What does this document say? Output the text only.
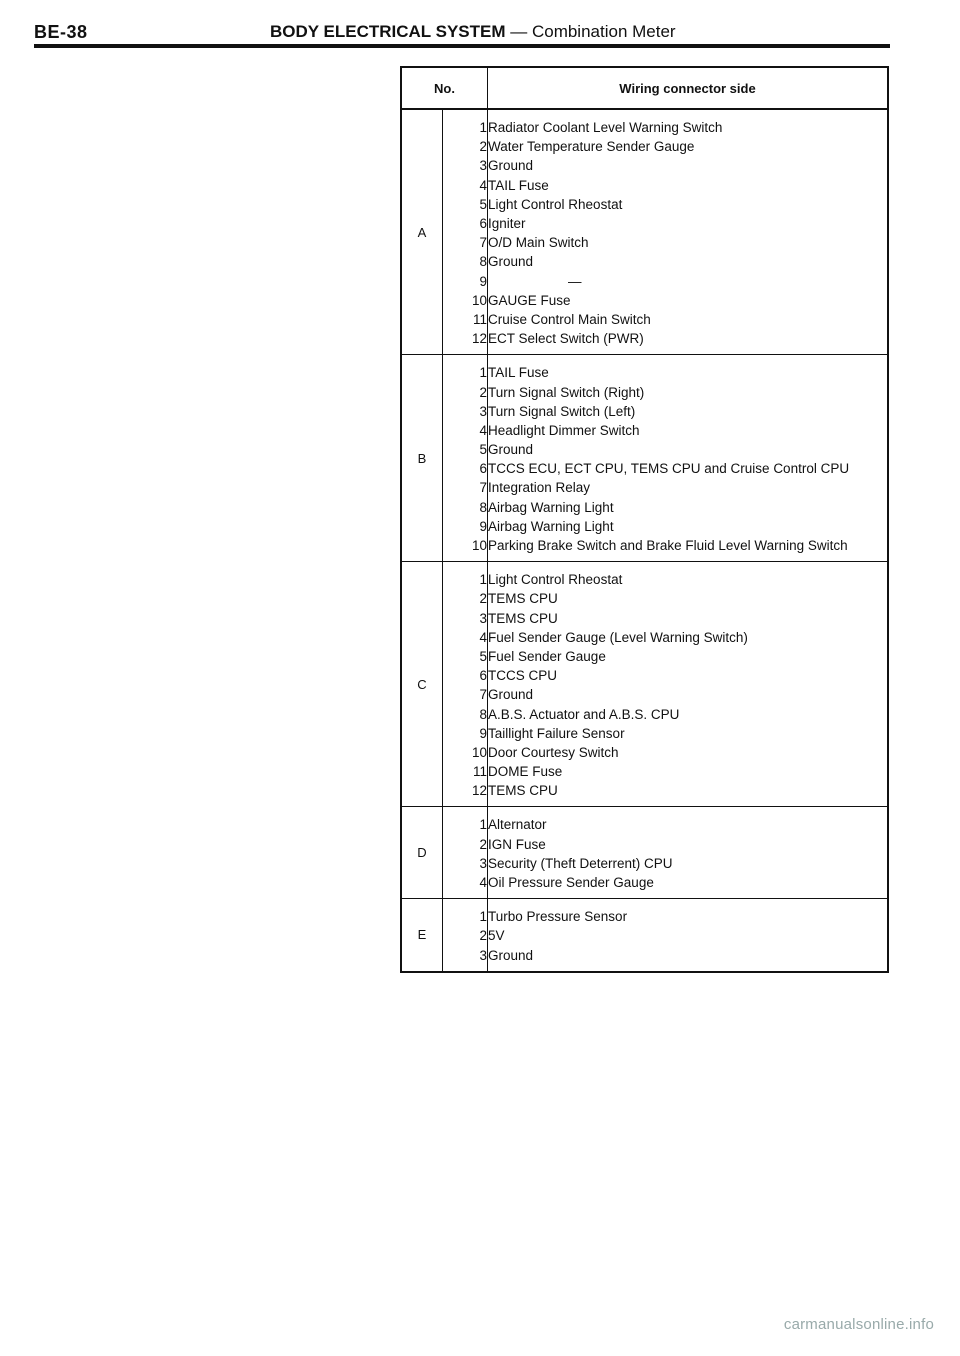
BE-38	BODY ELECTRICAL SYSTEM — Combination Meter
No.		Wiring connector side
A	1	Radiator Coolant Level Warning Switch
	2	Water Temperature Sender Gauge
	3	Ground
	4	TAIL Fuse
	5	Light Control Rheostat
	6	Igniter
	7	O/D Main Switch
	8	Ground
	9	—
	10	GAUGE Fuse
	11	Cruise Control Main Switch
	12	ECT Select Switch (PWR)
B	1	TAIL Fuse
	2	Turn Signal Switch (Right)
	3	Turn Signal Switch (Left)
	4	Headlight Dimmer Switch
	5	Ground
	6	TCCS ECU, ECT CPU, TEMS CPU and Cruise Control CPU
	7	Integration Relay
	8	Airbag Warning Light
	9	Airbag Warning Light
	10	Parking Brake Switch and Brake Fluid Level Warning Switch
C	1	Light Control Rheostat
	2	TEMS CPU
	3	TEMS CPU
	4	Fuel Sender Gauge (Level Warning Switch)
	5	Fuel Sender Gauge
	6	TCCS CPU
	7	Ground
	8	A.B.S. Actuator and A.B.S. CPU
	9	Taillight Failure Sensor
	10	Door Courtesy Switch
	11	DOME Fuse
	12	TEMS CPU
D	1	Alternator
	2	IGN Fuse
	3	Security (Theft Deterrent) CPU
	4	Oil Pressure Sender Gauge
E	1	Turbo Pressure Sensor
	2	5V
	3	Ground
carmanualsonline.info
